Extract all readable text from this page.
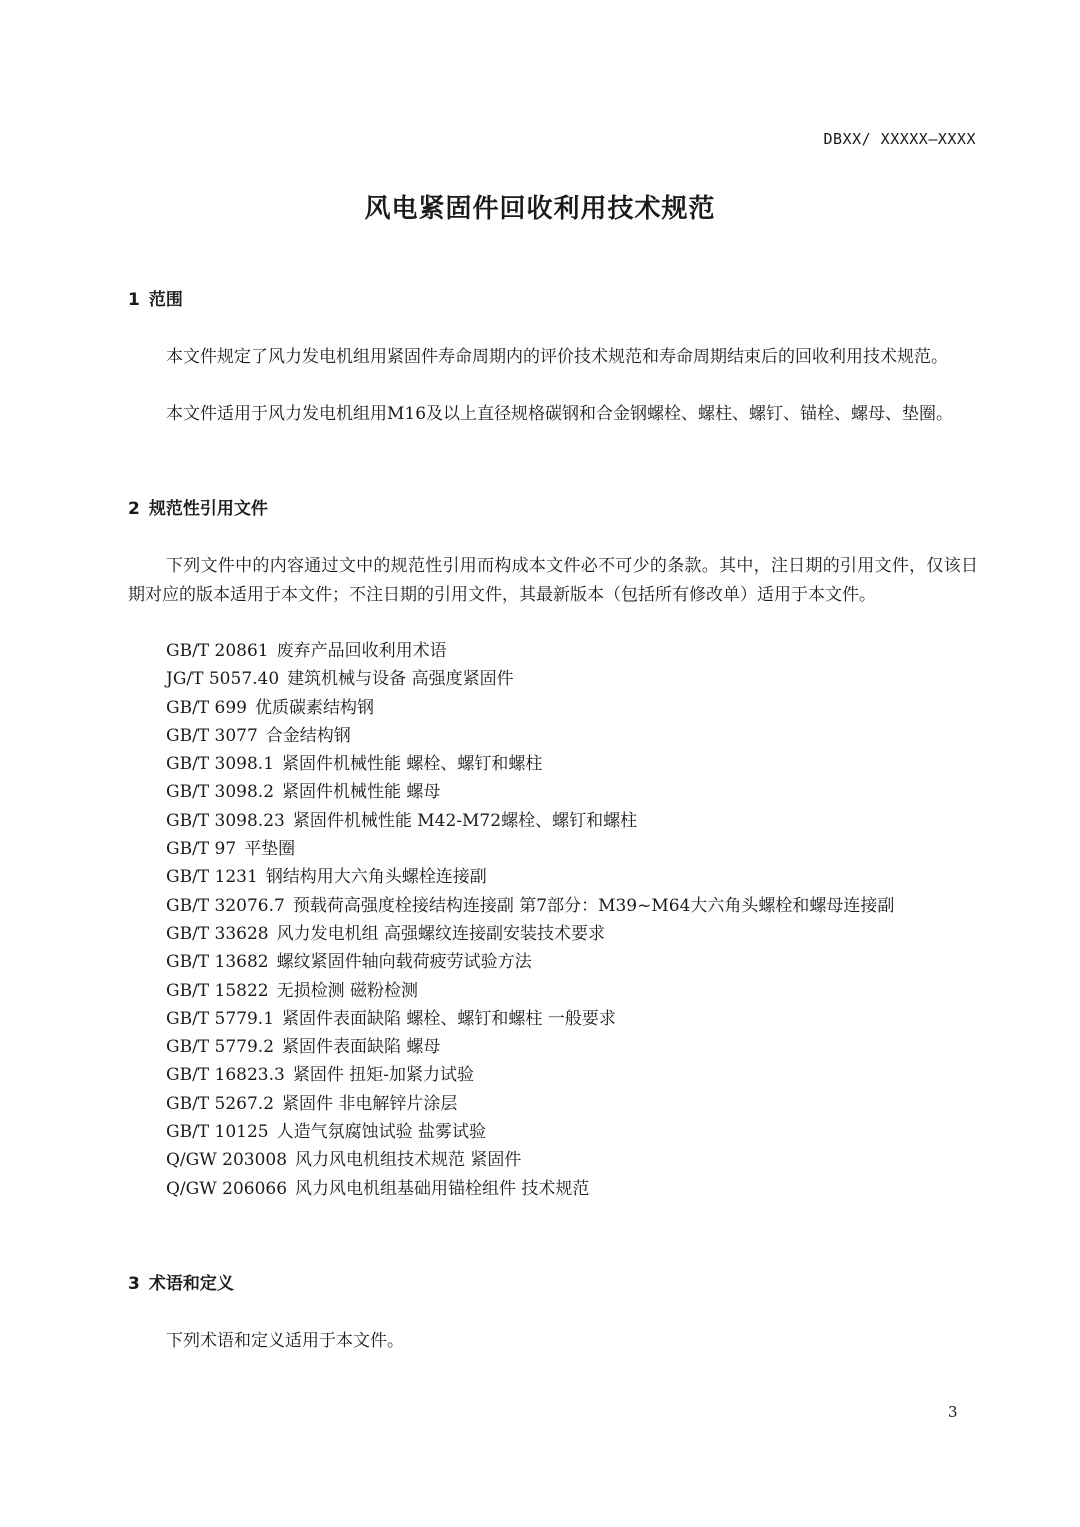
DBXX/ XXXXX—XXXX
风电紧固件回收利用技术规范
1 范围

本文件规定了风力发电机组用紧固件寿命周期内的评价技术规范和寿命周期结束后的回收利用技术规范。

本文件适用于风力发电机组用M16及以上直径规格碳钢和合金钢螺栓、螺柱、螺钉、锚栓、螺母、垫圈。

2 规范性引用文件

下列文件中的内容通过文中的规范性引用而构成本文件必不可少的条款。其中，注日期的引用文件，仅该日期对应的版本适用于本文件；不注日期的引用文件，其最新版本（包括所有修改单）适用于本文件。

GB/T 20861 废弃产品回收利用术语
JG/T 5057.40 建筑机械与设备 高强度紧固件
GB/T 699 优质碳素结构钢
GB/T 3077 合金结构钢
GB/T 3098.1 紧固件机械性能 螺栓、螺钉和螺柱
GB/T 3098.2 紧固件机械性能 螺母
GB/T 3098.23 紧固件机械性能 M42-M72螺栓、螺钉和螺柱
GB/T 97 平垫圈
GB/T 1231 钢结构用大六角头螺栓连接副
GB/T 32076.7 预载荷高强度栓接结构连接副 第7部分：M39~M64大六角头螺栓和螺母连接副
GB/T 33628 风力发电机组 高强螺纹连接副安装技术要求
GB/T 13682 螺纹紧固件轴向载荷疲劳试验方法
GB/T 15822 无损检测 磁粉检测
GB/T 5779.1 紧固件表面缺陷 螺栓、螺钉和螺柱 一般要求
GB/T 5779.2 紧固件表面缺陷 螺母
GB/T 16823.3 紧固件 扭矩-加紧力试验
GB/T 5267.2 紧固件 非电解锌片涂层
GB/T 10125 人造气氛腐蚀试验 盐雾试验
Q/GW 203008 风力风电机组技术规范 紧固件
Q/GW 206066 风力风电机组基础用锚栓组件 技术规范
3 术语和定义

下列术语和定义适用于本文件。

3
